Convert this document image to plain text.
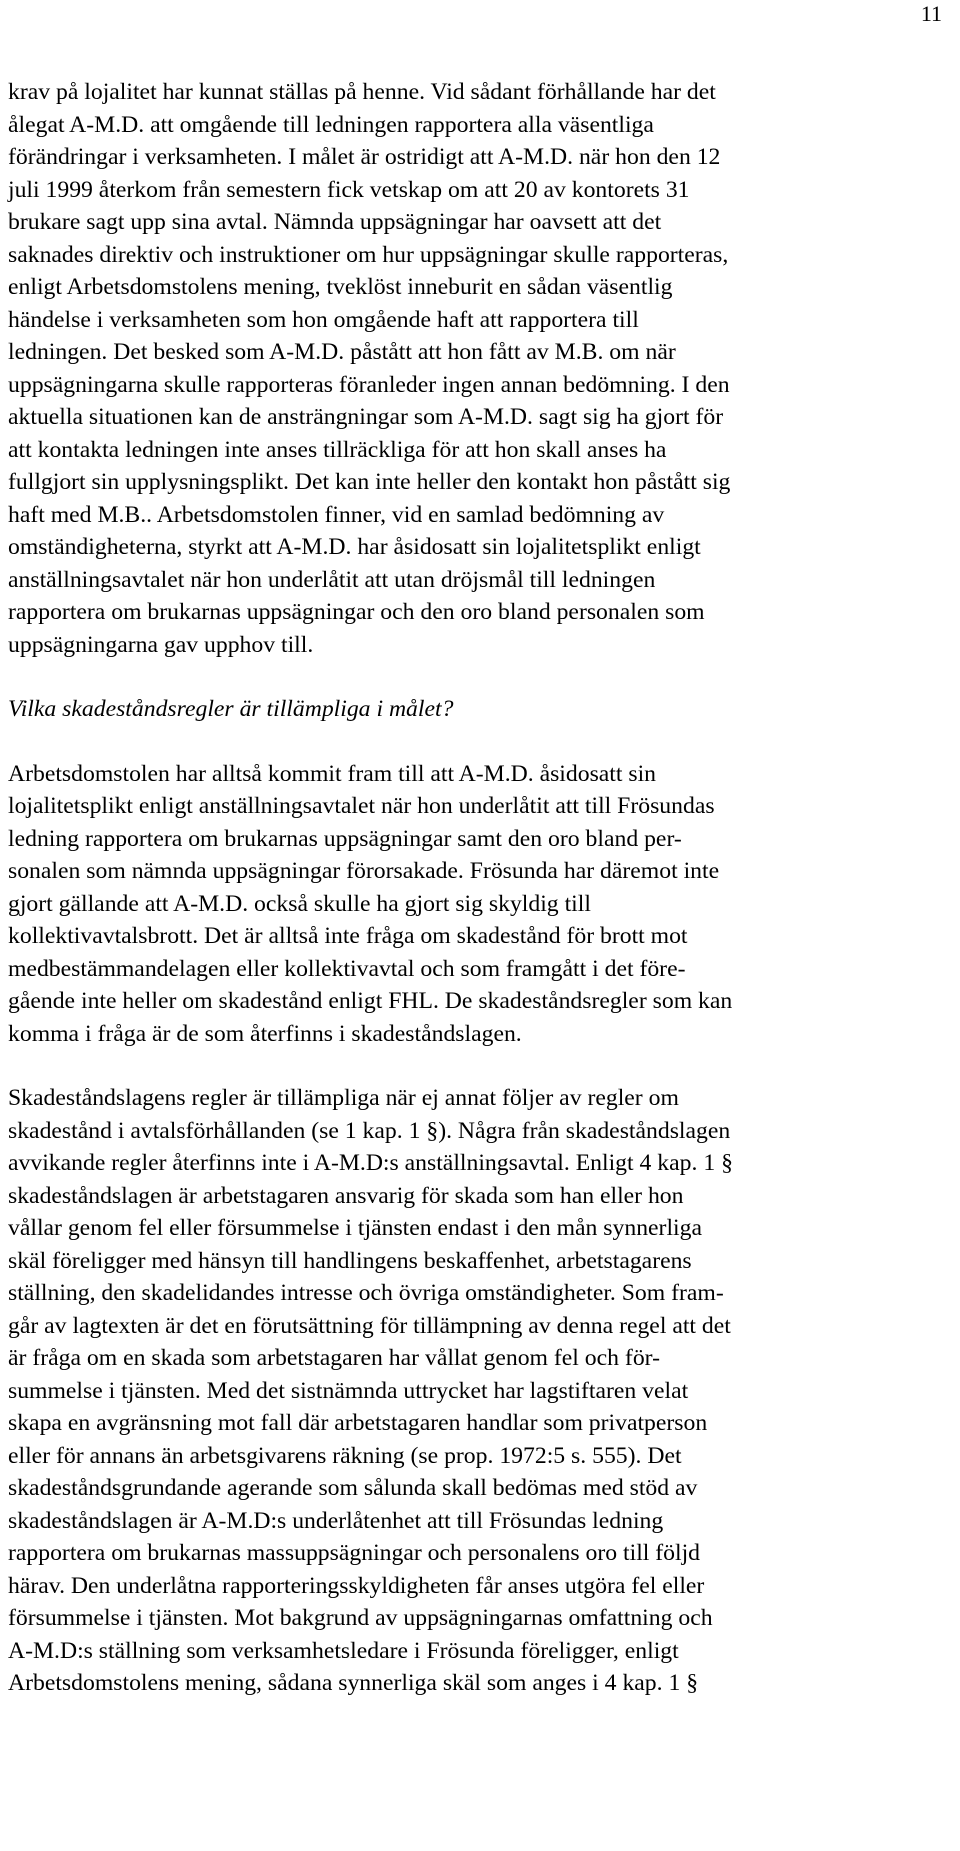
11
krav på lojalitet har kunnat ställas på henne. Vid sådant förhållande har det
ålegat A-M.D. att omgående till ledningen rapportera alla väsentliga
förändringar i verksamheten. I målet är ostridigt att A-M.D. när hon den 12
juli 1999 återkom från semestern fick vetskap om att 20 av kontorets 31
brukare sagt upp sina avtal. Nämnda uppsägningar har oavsett att det
saknades direktiv och instruktioner om hur uppsägningar skulle rapporteras,
enligt Arbetsdomstolens mening, tveklöst inneburit en sådan väsentlig
händelse i verksamheten som hon omgående haft att rapportera till
ledningen. Det besked som A-M.D. påstått att hon fått av M.B. om när
uppsägningarna skulle rapporteras föranleder ingen annan bedömning. I den
aktuella situationen kan de ansträngningar som A-M.D. sagt sig ha gjort för
att kontakta ledningen inte anses tillräckliga för att hon skall anses ha
fullgjort sin upplysningsplikt. Det kan inte heller den kontakt hon påstått sig
haft med M.B.. Arbetsdomstolen finner, vid en samlad bedömning av
omständigheterna, styrkt att A-M.D. har åsidosatt sin lojalitetsplikt enligt
anställningsavtalet när hon underlåtit att utan dröjsmål till ledningen
rapportera om brukarnas uppsägningar och den oro bland personalen som
uppsägningarna gav upphov till.
Vilka skadeståndsregler är tillämpliga i målet?
Arbetsdomstolen har alltså kommit fram till att A-M.D. åsidosatt sin
lojalitetsplikt enligt anställningsavtalet när hon underlåtit att till Frösundas
ledning rapportera om brukarnas uppsägningar samt den oro bland per-
sonalen som nämnda uppsägningar förorsakade. Frösunda har däremot inte
gjort gällande att A-M.D. också skulle ha gjort sig skyldig till
kollektivavtalsbrott. Det är alltså inte fråga om skadestånd för brott mot
medbestämmandelagen eller kollektivavtal och som framgått i det före-
gående inte heller om skadestånd enligt FHL. De skadeståndsregler som kan
komma i fråga är de som återfinns i skadeståndslagen.
Skadeståndslagens regler är tillämpliga när ej annat följer av regler om
skadestånd i avtalsförhållanden (se 1 kap. 1 §). Några från skadeståndslagen
avvikande regler återfinns inte i A-M.D:s anställningsavtal. Enligt 4 kap. 1 §
skadeståndslagen är arbetstagaren ansvarig för skada som han eller hon
vållar genom fel eller försummelse i tjänsten endast i den mån synnerliga
skäl föreligger med hänsyn till handlingens beskaffenhet, arbetstagarens
ställning, den skadelidandes intresse och övriga omständigheter. Som fram-
går av lagtexten är det en förutsättning för tillämpning av denna regel att det
är fråga om en skada som arbetstagaren har vållat genom fel och för-
summelse i tjänsten. Med det sistnämnda uttrycket har lagstiftaren velat
skapa en avgränsning mot fall där arbetstagaren handlar som privatperson
eller för annans än arbetsgivarens räkning (se prop. 1972:5 s. 555). Det
skadeståndsgrundande agerande som sålunda skall bedömas med stöd av
skadeståndslagen är A-M.D:s underlåtenhet att till Frösundas ledning
rapportera om brukarnas massuppsägningar och personalens oro till följd
härav. Den underlåtna rapporteringsskyldigheten får anses utgöra fel eller
försummelse i tjänsten. Mot bakgrund av uppsägningarnas omfattning och
A-M.D:s ställning som verksamhetsledare i Frösunda föreligger, enligt
Arbetsdomstolens mening, sådana synnerliga skäl som anges i 4 kap. 1 §
